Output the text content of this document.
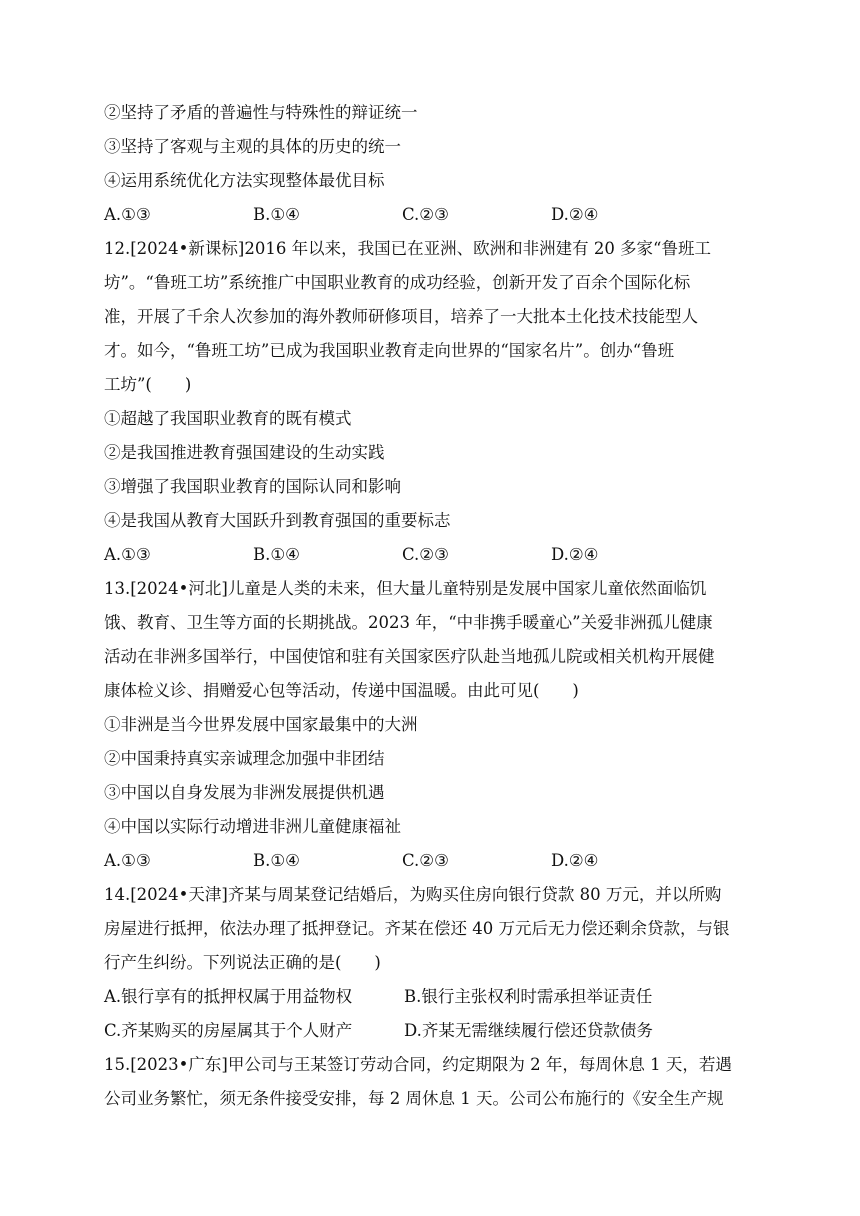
②坚持了矛盾的普遍性与特殊性的辩证统一
③坚持了客观与主观的具体的历史的统一
④运用系统优化方法实现整体最优目标
A.①③	B.①④	C.②③	D.②④
12.[2024•新课标]2016 年以来，我国已在亚洲、欧洲和非洲建有 20 多家“鲁班工
坊”。“鲁班工坊”系统推广中国职业教育的成功经验，创新开发了百余个国际化标
准，开展了千余人次参加的海外教师研修项目，培养了一大批本土化技术技能型人
才。如今，“鲁班工坊”已成为我国职业教育走向世界的“国家名片”。创办“鲁班
工坊”(　　)
①超越了我国职业教育的既有模式
②是我国推进教育强国建设的生动实践
③增强了我国职业教育的国际认同和影响
④是我国从教育大国跃升到教育强国的重要标志
A.①③	B.①④	C.②③	D.②④
13.[2024•河北]儿童是人类的未来，但大量儿童特别是发展中国家儿童依然面临饥
饿、教育、卫生等方面的长期挑战。2023 年，“中非携手暖童心”关爱非洲孤儿健康
活动在非洲多国举行，中国使馆和驻有关国家医疗队赴当地孤儿院或相关机构开展健
康体检义诊、捐赠爱心包等活动，传递中国温暖。由此可见(　　)
①非洲是当今世界发展中国家最集中的大洲
②中国秉持真实亲诚理念加强中非团结
③中国以自身发展为非洲发展提供机遇
④中国以实际行动增进非洲儿童健康福祉
A.①③	B.①④	C.②③	D.②④
14.[2024•天津]齐某与周某登记结婚后，为购买住房向银行贷款 80 万元，并以所购
房屋进行抵押，依法办理了抵押登记。齐某在偿还 40 万元后无力偿还剩余贷款，与银
行产生纠纷。下列说法正确的是(　　)
A.银行享有的抵押权属于用益物权	B.银行主张权利时需承担举证责任
C.齐某购买的房屋属其于个人财产	D.齐某无需继续履行偿还贷款债务
15.[2023•广东]甲公司与王某签订劳动合同，约定期限为 2 年，每周休息 1 天，若遇
公司业务繁忙，须无条件接受安排，每 2 周休息 1 天。公司公布施行的《安全生产规
